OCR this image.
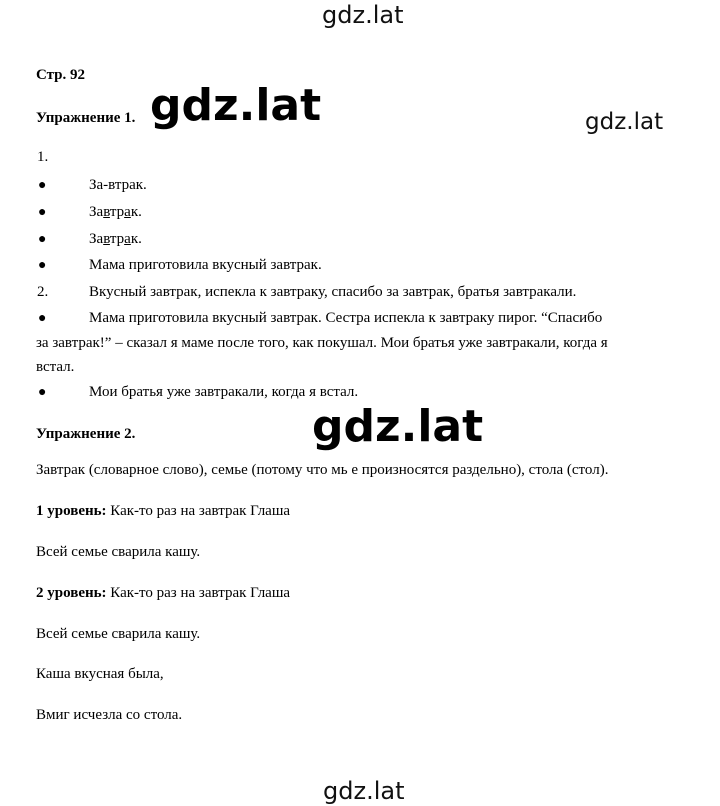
gdz.lat
gdz.lat	gdz.lat
gdz.lat
gdz.lat
Стр. 92
Упражнение 1.
1.
●	За-втрак.
●	Завтрак.
●	Завтрак.
●	Мама приготовила вкусный завтрак.
2.	Вкусный завтрак, испекла к завтраку, спасибо за завтрак, братья завтракали.
●	Мама приготовила вкусный завтрак. Сестра испекла к завтраку пирог. “Спасибо
за завтрак!” – сказал я маме после того, как покушал. Мои братья уже завтракали, когда я
встал.
●	Мои братья уже завтракали, когда я встал.
Упражнение 2.
Завтрак (словарное слово), семье (потому что мь е произносятся раздельно), стола (стол).
1 уровень: Как-то раз на завтрак Глаша
Всей семье сварила кашу.
2 уровень: Как-то раз на завтрак Глаша
Всей семье сварила кашу.
Каша вкусная была,
Вмиг исчезла со стола.
